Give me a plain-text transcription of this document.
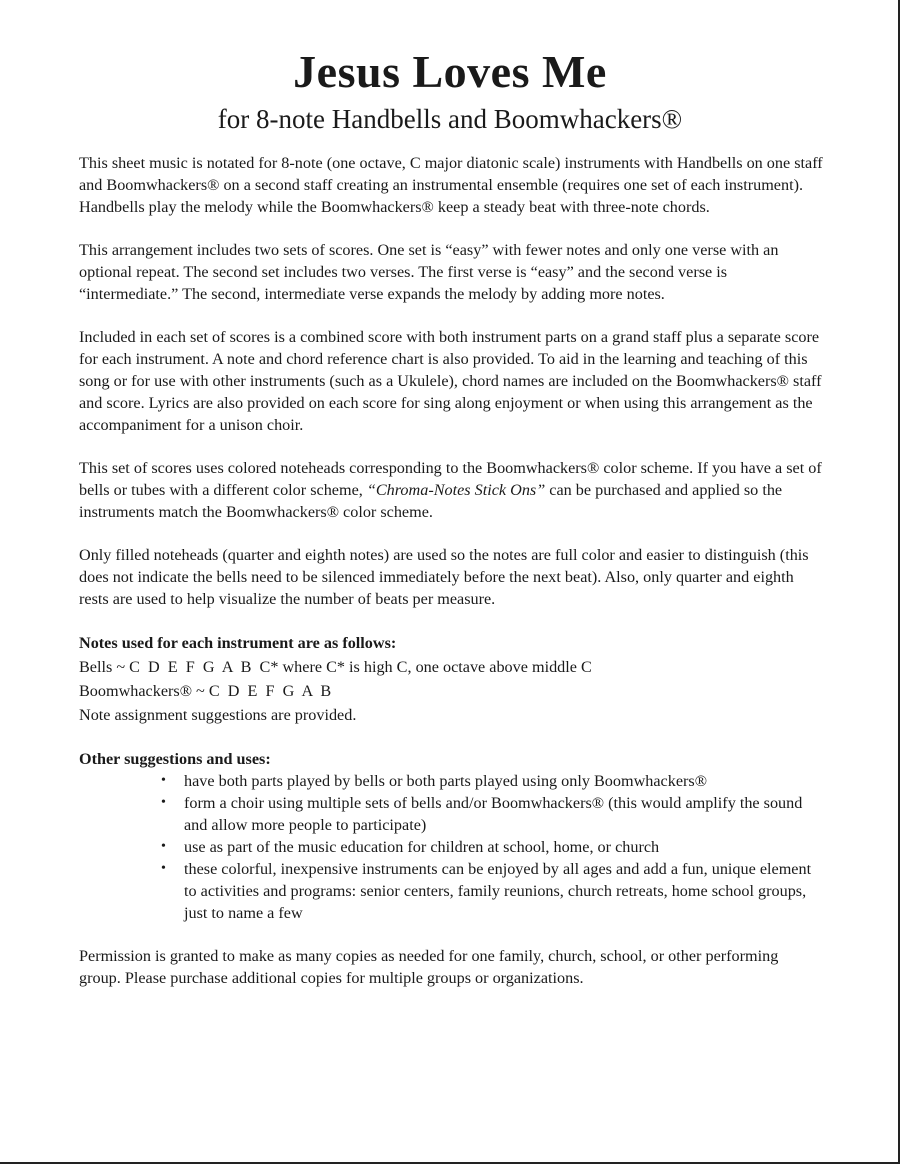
Jesus Loves Me
for 8-note Handbells and Boomwhackers®

This sheet music is notated for 8-note (one octave, C major diatonic scale) instruments with Handbells on one staff and Boomwhackers® on a second staff creating an instrumental ensemble (requires one set of each instrument). Handbells play the melody while the Boomwhackers® keep a steady beat with three-note chords.

This arrangement includes two sets of scores. One set is “easy” with fewer notes and only one verse with an optional repeat. The second set includes two verses. The first verse is “easy” and the second verse is “intermediate.” The second, intermediate verse expands the melody by adding more notes.

Included in each set of scores is a combined score with both instrument parts on a grand staff plus a separate score for each instrument. A note and chord reference chart is also provided. To aid in the learning and teaching of this song or for use with other instruments (such as a Ukulele), chord names are included on the Boomwhackers® staff and score. Lyrics are also provided on each score for sing along enjoyment or when using this arrangement as the accompaniment for a unison choir.

This set of scores uses colored noteheads corresponding to the Boomwhackers® color scheme. If you have a set of bells or tubes with a different color scheme, “Chroma-Notes Stick Ons” can be purchased and applied so the instruments match the Boomwhackers® color scheme.

Only filled noteheads (quarter and eighth notes) are used so the notes are full color and easier to distinguish (this does not indicate the bells need to be silenced immediately before the next beat). Also, only quarter and eighth rests are used to help visualize the number of beats per measure.

Notes used for each instrument are as follows:

Bells ~ C  D  E  F  G  A  B  C* where C* is high C, one octave above middle C

Boomwhackers® ~ C  D  E  F  G  A  B

Note assignment suggestions are provided.

Other suggestions and uses:

• have both parts played by bells or both parts played using only Boomwhackers®
• form a choir using multiple sets of bells and/or Boomwhackers® (this would amplify the sound and allow more people to participate)
• use as part of the music education for children at school, home, or church
• these colorful, inexpensive instruments can be enjoyed by all ages and add a fun, unique element to activities and programs: senior centers, family reunions, church retreats, home school groups, just to name a few

Permission is granted to make as many copies as needed for one family, church, school, or other performing group. Please purchase additional copies for multiple groups or organizations.
